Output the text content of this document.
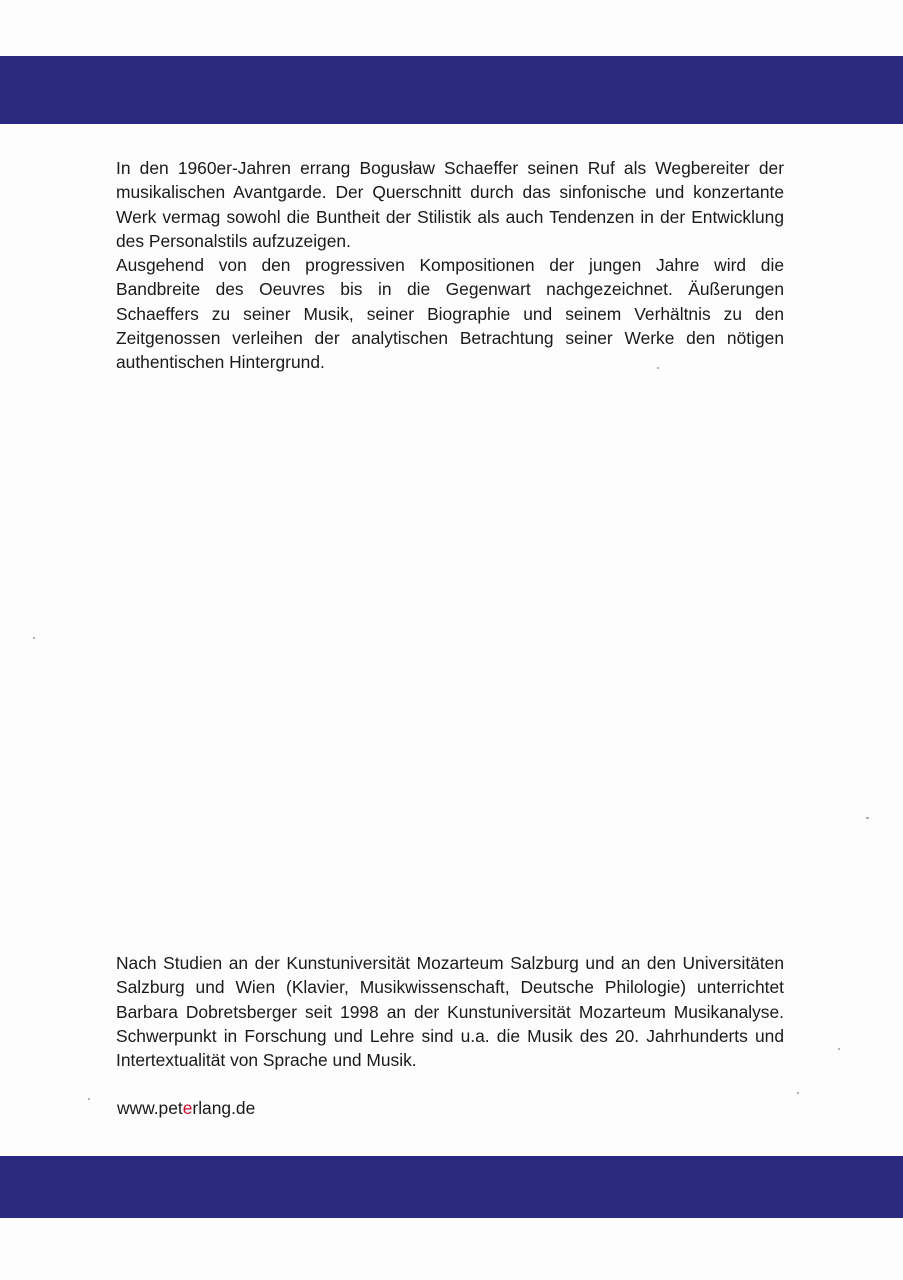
In den 1960er-Jahren errang Bogusław Schaeffer seinen Ruf als Wegbereiter der musikalischen Avantgarde. Der Querschnitt durch das sinfonische und konzertante Werk vermag sowohl die Buntheit der Stilistik als auch Tendenzen in der Entwicklung des Personalstils aufzuzeigen.

Ausgehend von den progressiven Kompositionen der jungen Jahre wird die Bandbreite des Oeuvres bis in die Gegenwart nachgezeichnet. Äußerungen Schaeffers zu seiner Musik, seiner Biographie und seinem Verhältnis zu den Zeitgenossen verleihen der analytischen Betrachtung seiner Werke den nötigen authentischen Hintergrund.

Nach Studien an der Kunstuniversität Mozarteum Salzburg und an den Universitäten Salzburg und Wien (Klavier, Musikwissenschaft, Deutsche Philologie) unterrichtet Barbara Dobretsberger seit 1998 an der Kunstuniversität Mozarteum Musikanalyse. Schwerpunkt in Forschung und Lehre sind u.a. die Musik des 20. Jahrhunderts und Intertextualität von Sprache und Musik.

www.peterlang.de
